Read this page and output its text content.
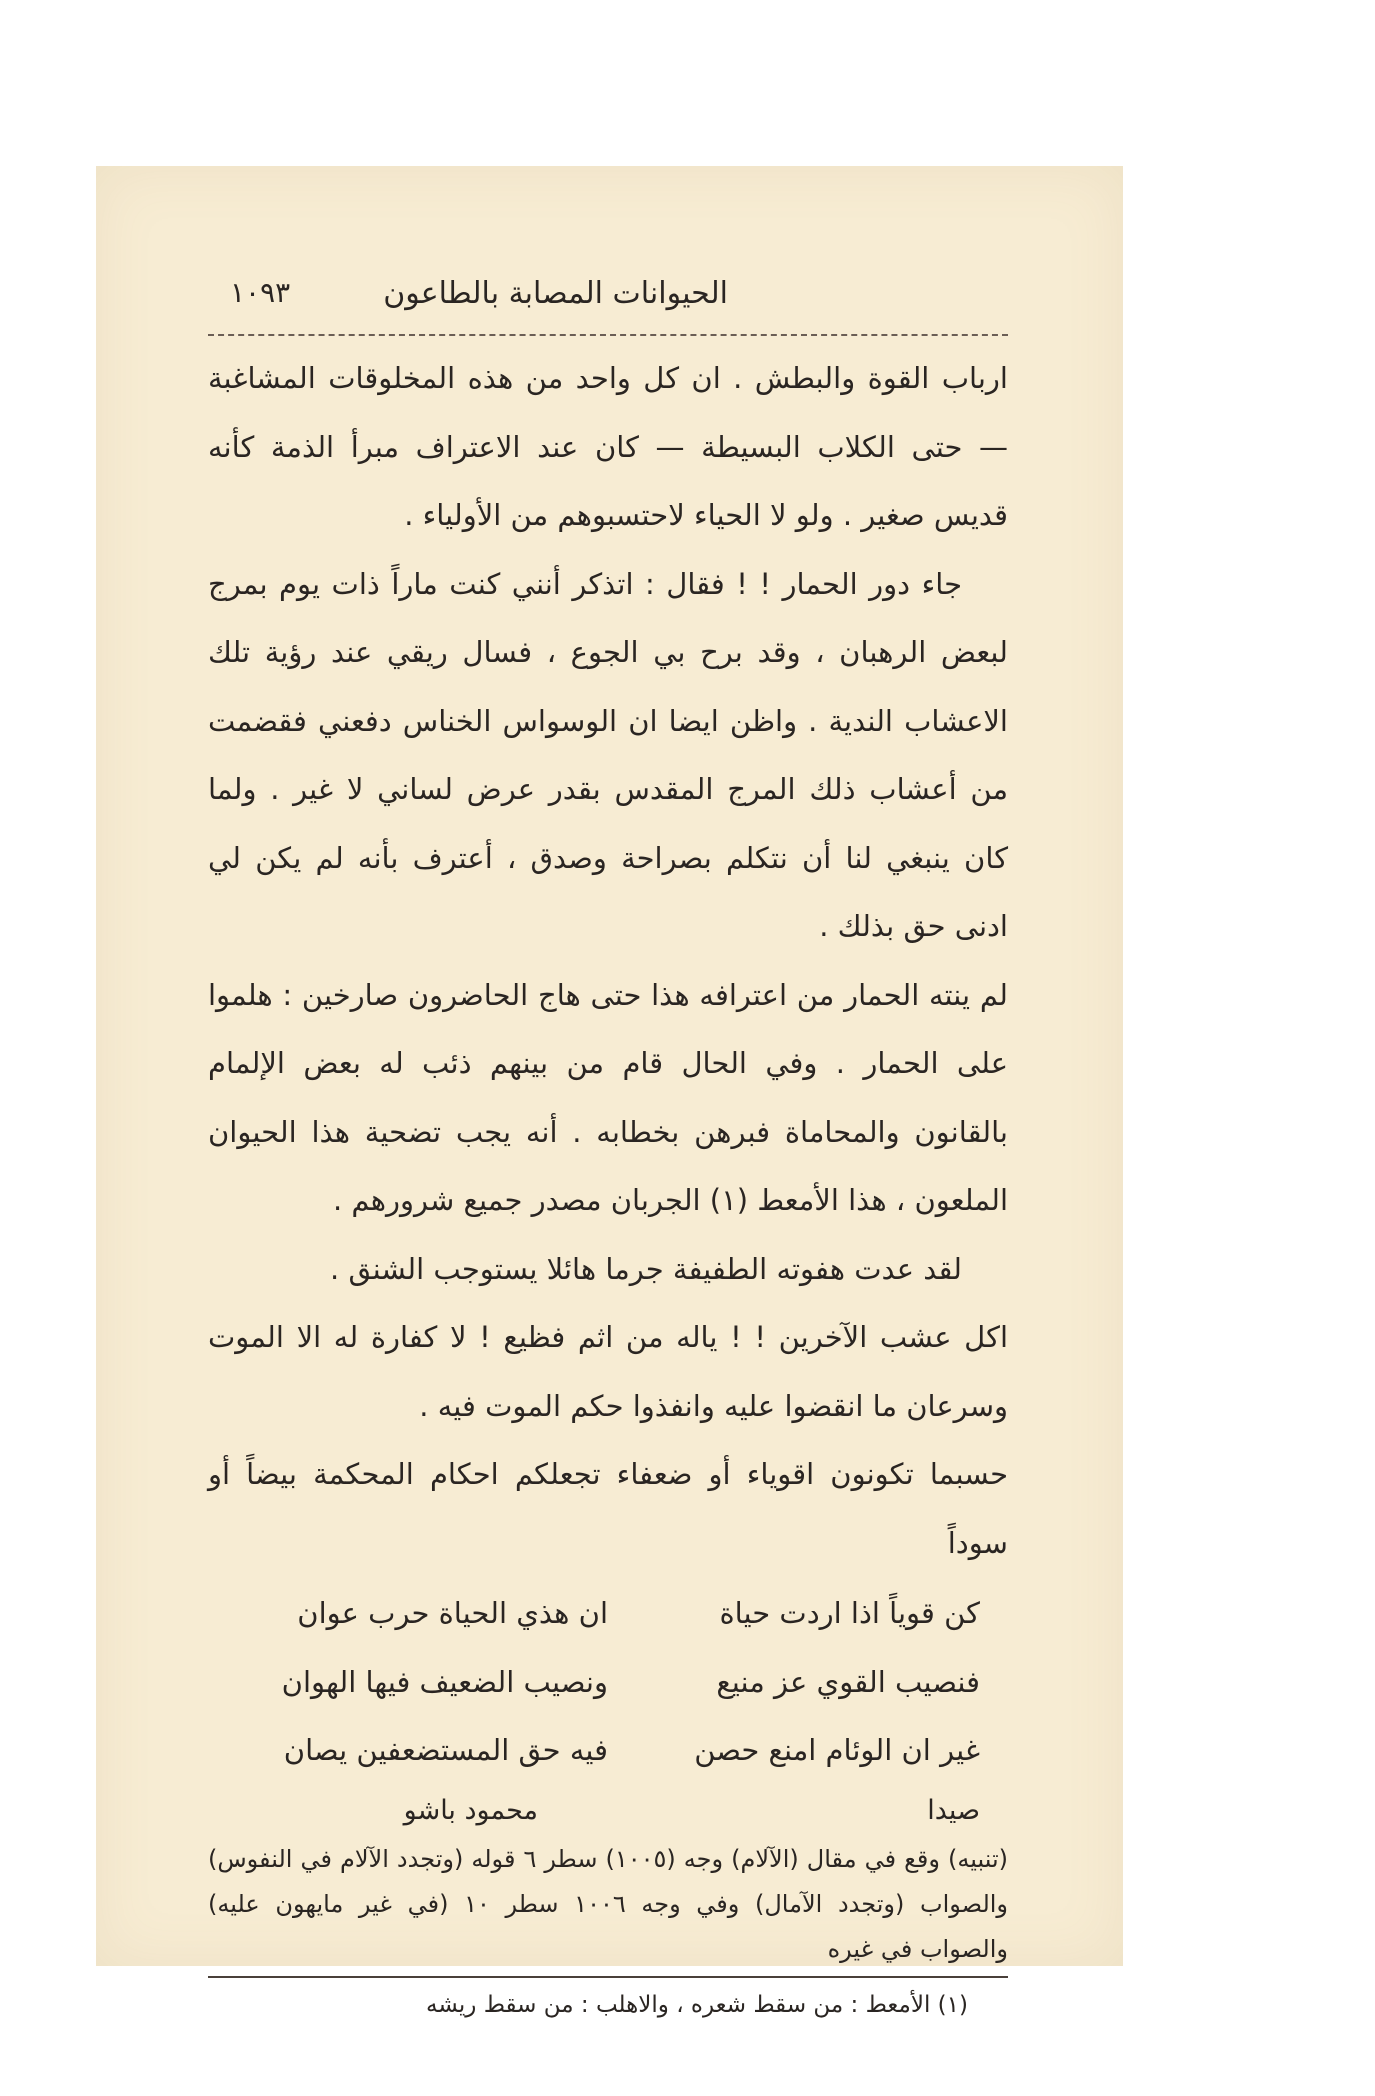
الحيوانات المصابة بالطاعون
١٠٩٣

ارباب القوة والبطش . ان كل واحد من هذه المخلوقات المشاغبة — حتى الكلاب البسيطة — كان عند الاعتراف مبرأ الذمة كأنه قديس صغير . ولو لا الحياء لاحتسبوهم من الأولياء .

جاء دور الحمار ! ! فقال : اتذكر أنني كنت ماراً ذات يوم بمرج لبعض الرهبان ، وقد برح بي الجوع ، فسال ريقي عند رؤية تلك الاعشاب الندية . واظن ايضا ان الوسواس الخناس دفعني فقضمت من أعشاب ذلك المرج المقدس بقدر عرض لساني لا غير . ولما كان ينبغي لنا أن نتكلم بصراحة وصدق ، أعترف بأنه لم يكن لي ادنى حق بذلك .

لم ينته الحمار من اعترافه هذا حتى هاج الحاضرون صارخين : هلموا على الحمار . وفي الحال قام من بينهم ذئب له بعض الإلمام بالقانون والمحاماة فبرهن بخطابه . أنه يجب تضحية هذا الحيوان الملعون ، هذا الأمعط (١) الجربان مصدر جميع شرورهم .

لقد عدت هفوته الطفيفة جرما هائلا يستوجب الشنق .

اكل عشب الآخرين ! ! ياله من اثم فظيع ! لا كفارة له الا الموت وسرعان ما انقضوا عليه وانفذوا حكم الموت فيه .

حسبما تكونون اقوياء أو ضعفاء تجعلكم احكام المحكمة بيضاً أو سوداً

كن قوياً اذا اردت حياة
ان هذي الحياة حرب عوان
فنصيب القوي عز منيع
ونصيب الضعيف فيها الهوان
غير ان الوئام امنع حصن
فيه حق المستضعفين يصان
صيدا
محمود باشو
(تنبيه) وقع في مقال (الآلام) وجه (١٠٠٥) سطر ٦ قوله (وتجدد الآلام في النفوس) والصواب (وتجدد الآمال) وفي وجه ١٠٠٦ سطر ١٠ (في غير مايهون عليه) والصواب في غيره
(١) الأمعط : من سقط شعره ، والاهلب : من سقط ريشه
